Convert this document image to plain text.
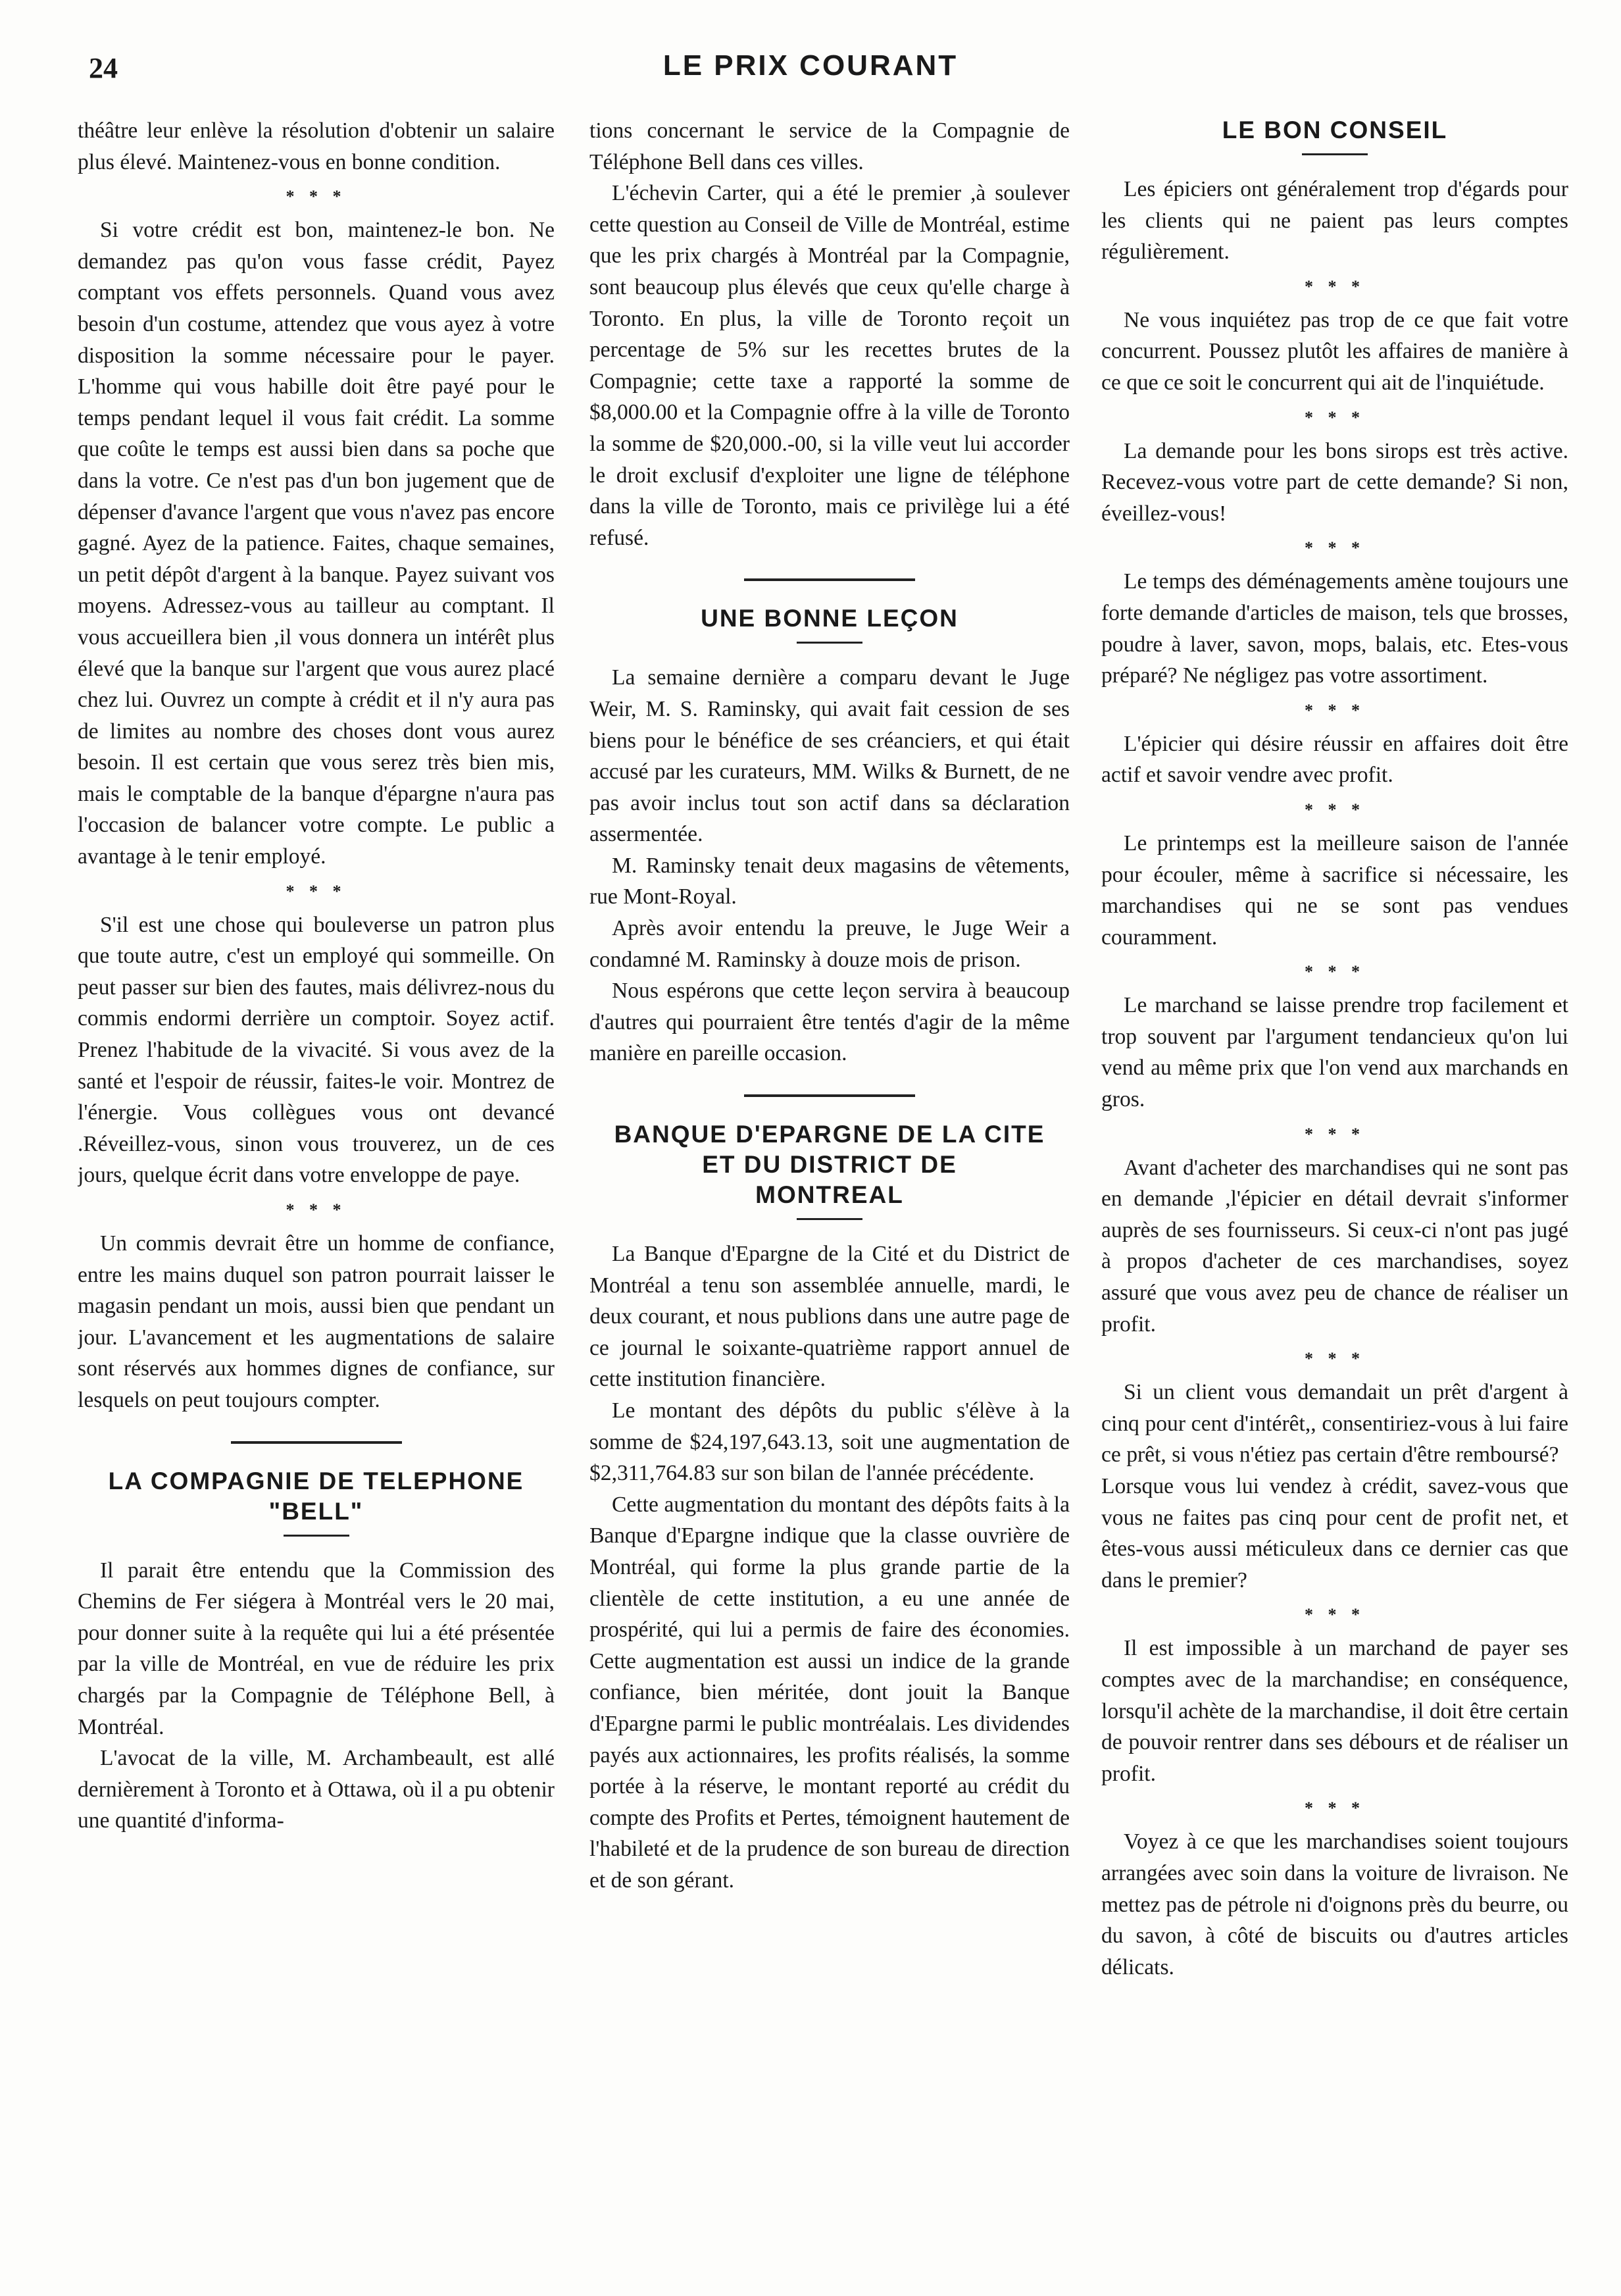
24	LE PRIX COURANT

théâtre leur enlève la résolution d'obtenir un salaire plus élevé. Maintenez-vous en bonne condition.

* * *

Si votre crédit est bon, maintenez-le bon. Ne demandez pas qu'on vous fasse crédit, Payez comptant vos effets personnels. Quand vous avez besoin d'un costume, attendez que vous ayez à votre disposition la somme nécessaire pour le payer. L'homme qui vous habille doit être payé pour le temps pendant lequel il vous fait crédit. La somme que coûte le temps est aussi bien dans sa poche que dans la votre. Ce n'est pas d'un bon jugement que de dépenser d'avance l'argent que vous n'avez pas encore gagné. Ayez de la patience. Faites, chaque semaines, un petit dépôt d'argent à la banque. Payez suivant vos moyens. Adressez-vous au tailleur au comptant. Il vous accueillera bien ,il vous donnera un intérêt plus élevé que la banque sur l'argent que vous aurez placé chez lui. Ouvrez un compte à crédit et il n'y aura pas de limites au nombre des choses dont vous aurez besoin. Il est certain que vous serez très bien mis, mais le comptable de la banque d'épargne n'aura pas l'occasion de balancer votre compte. Le public a avantage à le tenir employé.

* * *

S'il est une chose qui bouleverse un patron plus que toute autre, c'est un employé qui sommeille. On peut passer sur bien des fautes, mais délivrez-nous du commis endormi derrière un comptoir. Soyez actif. Prenez l'habitude de la vivacité. Si vous avez de la santé et l'espoir de réussir, faites-le voir. Montrez de l'énergie. Vous collègues vous ont devancé .Réveillez-vous, sinon vous trouverez, un de ces jours, quelque écrit dans votre enveloppe de paye.

* * *

Un commis devrait être un homme de confiance, entre les mains duquel son patron pourrait laisser le magasin pendant un mois, aussi bien que pendant un jour. L'avancement et les augmentations de salaire sont réservés aux hommes dignes de confiance, sur lesquels on peut toujours compter.

LA COMPAGNIE DE TELEPHONE
"BELL"

Il parait être entendu que la Commission des Chemins de Fer siégera à Montréal vers le 20 mai, pour donner suite à la requête qui lui a été présentée par la ville de Montréal, en vue de réduire les prix chargés par la Compagnie de Téléphone Bell, à Montréal.

L'avocat de la ville, M. Archambeault, est allé dernièrement à Toronto et à Ottawa, où il a pu obtenir une quantité d'informa-

tions concernant le service de la Compagnie de Téléphone Bell dans ces villes.

L'échevin Carter, qui a été le premier ,à soulever cette question au Conseil de Ville de Montréal, estime que les prix chargés à Montréal par la Compagnie, sont beaucoup plus élevés que ceux qu'elle charge à Toronto. En plus, la ville de Toronto reçoit un percentage de 5% sur les recettes brutes de la Compagnie; cette taxe a rapporté la somme de $8,000.00 et la Compagnie offre à la ville de Toronto la somme de $20,000.-00, si la ville veut lui accorder le droit exclusif d'exploiter une ligne de téléphone dans la ville de Toronto, mais ce privilège lui a été refusé.

UNE BONNE LEÇON

La semaine dernière a comparu devant le Juge Weir, M. S. Raminsky, qui avait fait cession de ses biens pour le bénéfice de ses créanciers, et qui était accusé par les curateurs, MM. Wilks & Burnett, de ne pas avoir inclus tout son actif dans sa déclaration assermentée.

M. Raminsky tenait deux magasins de vêtements, rue Mont-Royal.

Après avoir entendu la preuve, le Juge Weir a condamné M. Raminsky à douze mois de prison.

Nous espérons que cette leçon servira à beaucoup d'autres qui pourraient être tentés d'agir de la même manière en pareille occasion.

BANQUE D'EPARGNE DE LA CITE
ET DU DISTRICT DE
MONTREAL

La Banque d'Epargne de la Cité et du District de Montréal a tenu son assemblée annuelle, mardi, le deux courant, et nous publions dans une autre page de ce journal le soixante-quatrième rapport annuel de cette institution financière.

Le montant des dépôts du public s'élève à la somme de $24,197,643.13, soit une augmentation de $2,311,764.83 sur son bilan de l'année précédente.

Cette augmentation du montant des dépôts faits à la Banque d'Epargne indique que la classe ouvrière de Montréal, qui forme la plus grande partie de la clientèle de cette institution, a eu une année de prospérité, qui lui a permis de faire des économies. Cette augmentation est aussi un indice de la grande confiance, bien méritée, dont jouit la Banque d'Epargne parmi le public montréalais. Les dividendes payés aux actionnaires, les profits réalisés, la somme portée à la réserve, le montant reporté au crédit du compte des Profits et Pertes, témoignent hautement de l'habileté et de la prudence de son bureau de direction et de son gérant.

LE BON CONSEIL

Les épiciers ont généralement trop d'égards pour les clients qui ne paient pas leurs comptes régulièrement.

* * *

Ne vous inquiétez pas trop de ce que fait votre concurrent. Poussez plutôt les affaires de manière à ce que ce soit le concurrent qui ait de l'inquiétude.

* * *

La demande pour les bons sirops est très active. Recevez-vous votre part de cette demande? Si non, éveillez-vous!

* * *

Le temps des déménagements amène toujours une forte demande d'articles de maison, tels que brosses, poudre à laver, savon, mops, balais, etc. Etes-vous préparé? Ne négligez pas votre assortiment.

* * *

L'épicier qui désire réussir en affaires doit être actif et savoir vendre avec profit.

* * *

Le printemps est la meilleure saison de l'année pour écouler, même à sacrifice si nécessaire, les marchandises qui ne se sont pas vendues couramment.

* * *

Le marchand se laisse prendre trop facilement et trop souvent par l'argument tendancieux qu'on lui vend au même prix que l'on vend aux marchands en gros.

* * *

Avant d'acheter des marchandises qui ne sont pas en demande ,l'épicier en détail devrait s'informer auprès de ses fournisseurs. Si ceux-ci n'ont pas jugé à propos d'acheter de ces marchandises, soyez assuré que vous avez peu de chance de réaliser un profit.

* * *

Si un client vous demandait un prêt d'argent à cinq pour cent d'intérêt,, consentiriez-vous à lui faire ce prêt, si vous n'étiez pas certain d'être remboursé?

Lorsque vous lui vendez à crédit, savez-vous que vous ne faites pas cinq pour cent de profit net, et êtes-vous aussi méticuleux dans ce dernier cas que dans le premier?

* * *

Il est impossible à un marchand de payer ses comptes avec de la marchandise; en conséquence, lorsqu'il achète de la marchandise, il doit être certain de pouvoir rentrer dans ses débours et de réaliser un profit.

* * *

Voyez à ce que les marchandises soient toujours arrangées avec soin dans la voiture de livraison. Ne mettez pas de pétrole ni d'oignons près du beurre, ou du savon, à côté de biscuits ou d'autres articles délicats.
